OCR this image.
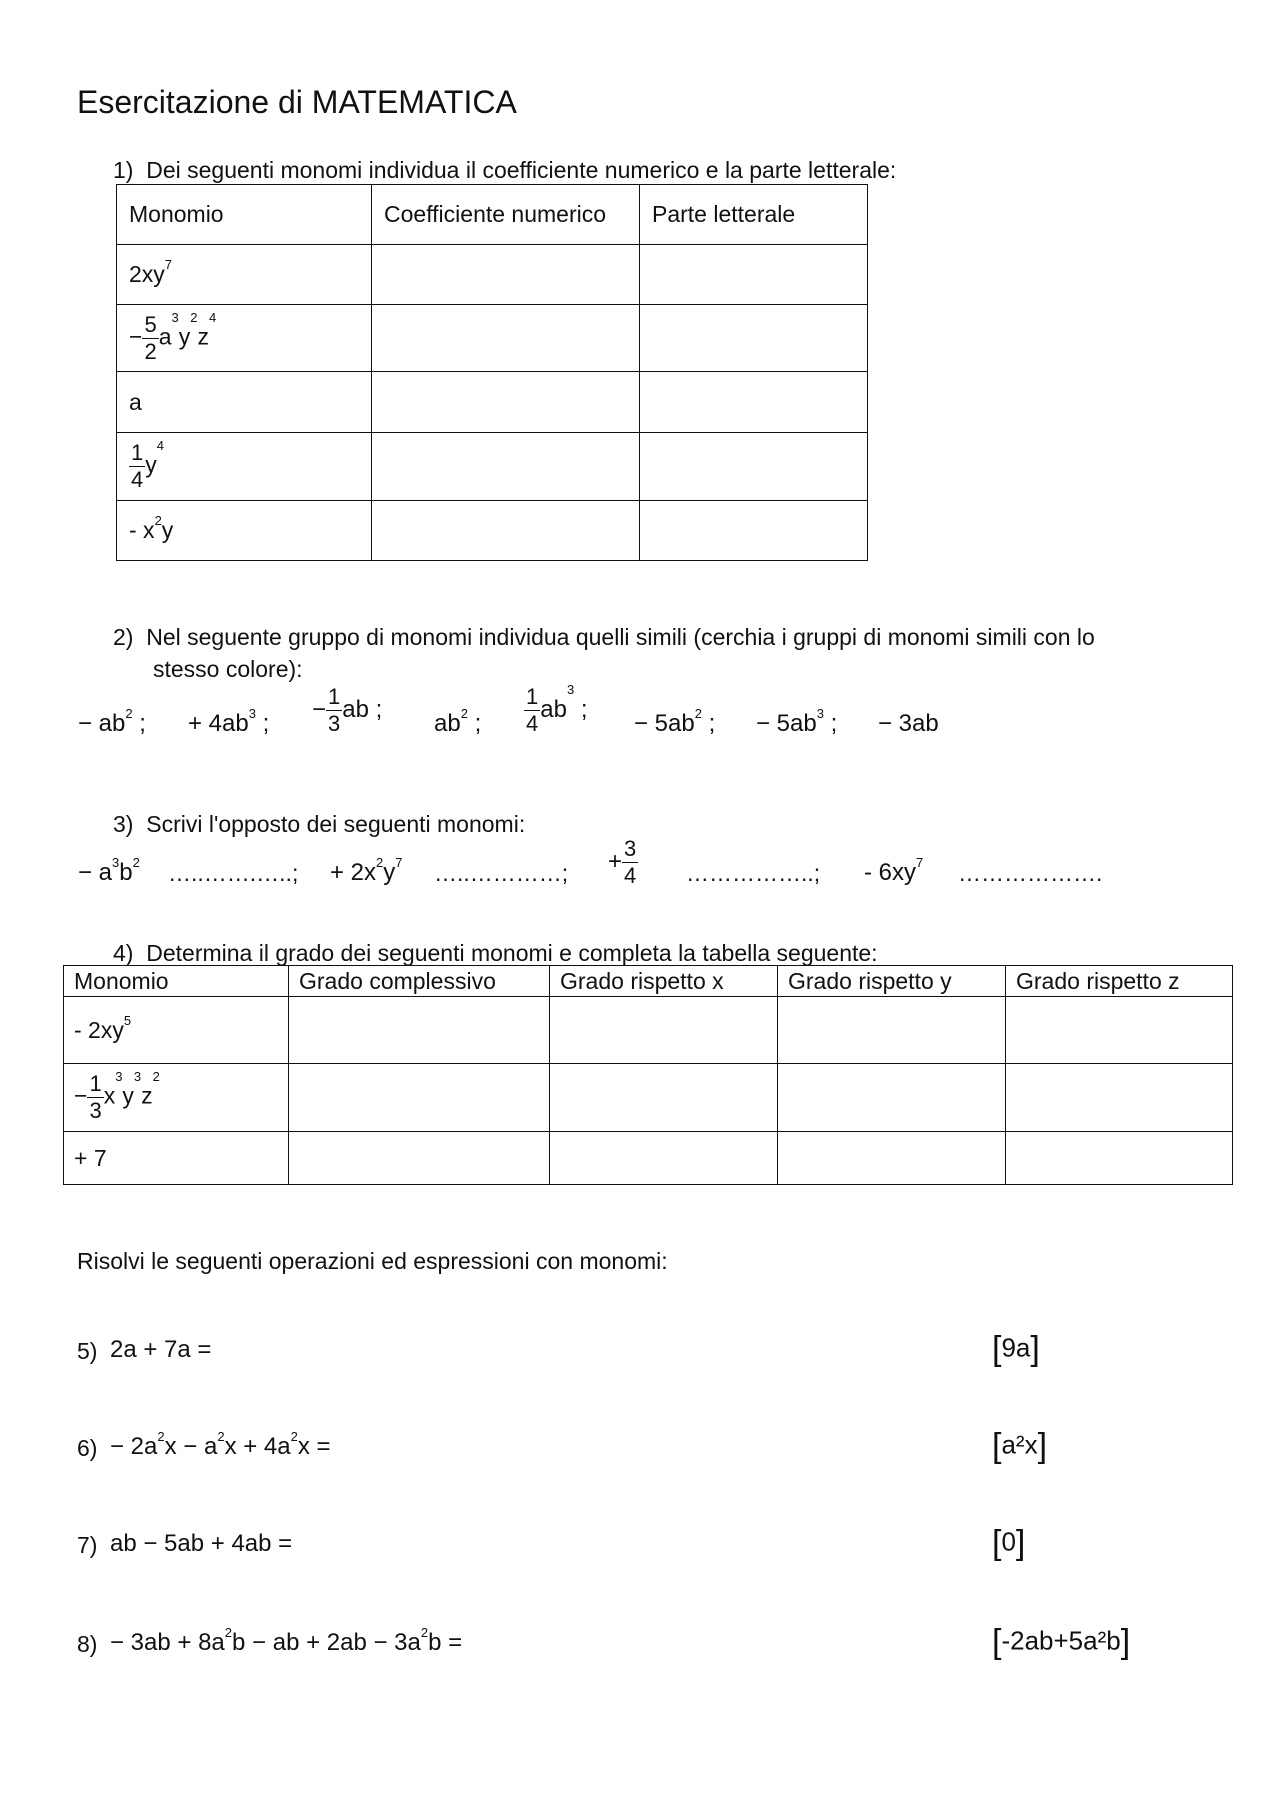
Esercitazione di MATEMATICA
1) Dei seguenti monomi individua il coefficiente numerico e la parte letterale:
Monomio	Coefficiente numerico	Parte letterale
$2xy^7$		
− $\frac{5}{2} a^3y^2z^4$		
a		

$\frac{1}{4} y^4$		
- $x^2y$		
2) Nel seguente gruppo di monomi individua quelli simili (cerchia i gruppi di monomi simili con lo
stesso colore):
− $ab^2$ ; + $4ab^3$ ;
− $\frac{1}{3}$ ab ;
$ab^2$ ; $\frac{1}{4} ab^3$ ;
− $5ab^2$ ; − $5ab^3$ ; − 3ab
3) Scrivi l'opposto dei seguenti monomi:
− $a^3b^2$ …..…….…..; + $2x^2y^7$ …..…………; + $\frac{3}{4}$ ……………..; - $6xy^7$ ……………….
4) Determina il grado dei seguenti monomi e completa la tabella seguente:
Monomio	Grado complessivo	Grado rispetto x	Grado rispetto y	Grado rispetto z
- $2xy^5$				
− $\frac{1}{3} x^3y^3z^2$				
+ 7				
Risolvi le seguenti operazioni ed espressioni con monomi:
5) 2a + 7a =	[9a]
$6) - 2a^2x - a^2x + 4a^2x$ =	[a²x]
7) ab − 5ab + 4ab =	[0]
$8) - 3ab + 8a^2b$ − ab + $2ab - 3a^2b$ =	[-2ab+5a²b]
